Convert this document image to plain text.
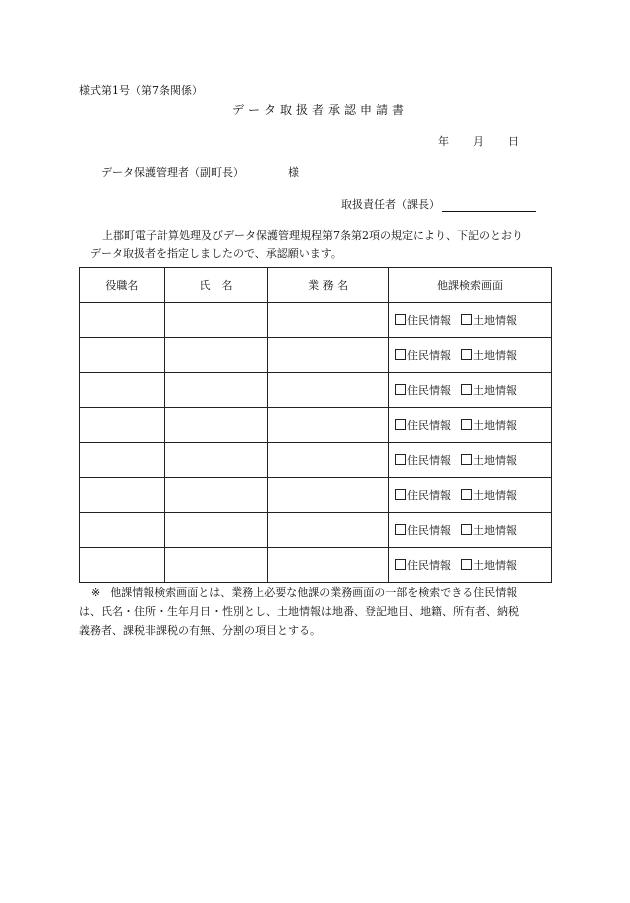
様式第1号（第7条関係）
データ取扱者承認申請書
年 月 日
データ保護管理者（副町長）	様
取扱責任者（課長）

上郡町電子計算処理及びデータ保護管理規程第7条第2項の規定により、下記のとおり

データ取扱者を指定しましたので、承認願います。

役職名	氏　名	業 務 名	他課検索画面

			住民情報 土地情報

			住民情報 土地情報

			住民情報 土地情報

			住民情報 土地情報

			住民情報 土地情報

			住民情報 土地情報

			住民情報 土地情報

			住民情報 土地情報

※ 他課情報検索画面とは、業務上必要な他課の業務画面の一部を検索できる住民情報

は、氏名・住所・生年月日・性別とし、土地情報は地番、登記地目、地籍、所有者、納税

義務者、課税非課税の有無、分割の項目とする。
